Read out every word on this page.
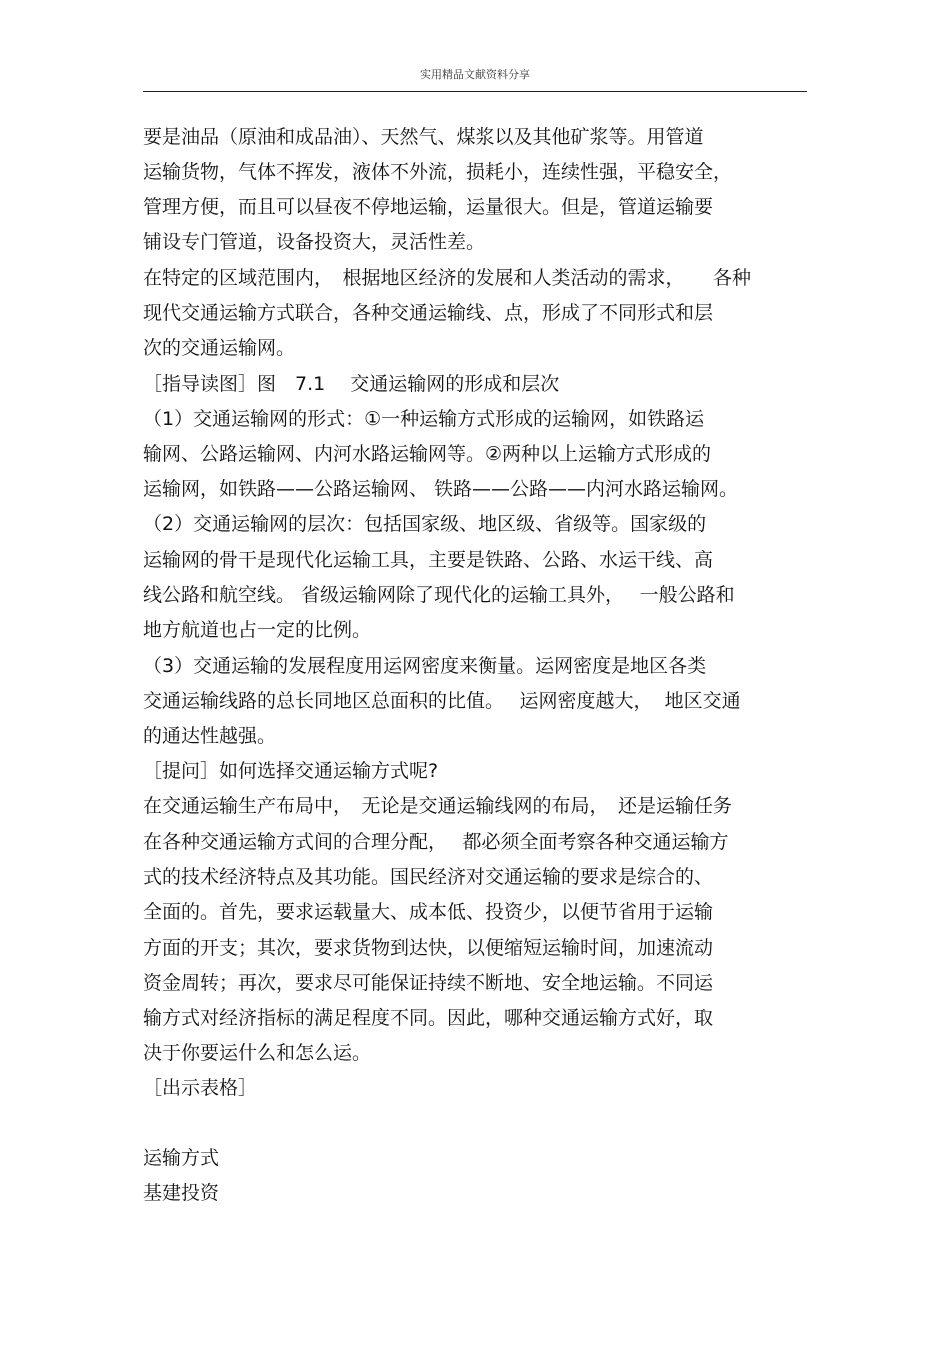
实用精品文献资料分享
要是油品（原油和成品油）、天然气、煤浆以及其他矿浆等。用管道
运输货物，气体不挥发，液体不外流，损耗小，连续性强，平稳安全，
管理方便，而且可以昼夜不停地运输，运量很大。但是，管道运输要
铺设专门管道，设备投资大，灵活性差。
在特定的区域范围内，　根据地区经济的发展和人类活动的需求，　　各种
现代交通运输方式联合，各种交通运输线、点，形成了不同形式和层
次的交通运输网。
［指导读图］图　7.1　 交通运输网的形成和层次
（1）交通运输网的形式：①一种运输方式形成的运输网，如铁路运
输网、公路运输网、内河水路运输网等。②两种以上运输方式形成的
运输网，如铁路——公路运输网、 铁路——公路——内河水路运输网。
（2）交通运输网的层次：包括国家级、地区级、省级等。国家级的
运输网的骨干是现代化运输工具，主要是铁路、公路、水运干线、高
线公路和航空线。 省级运输网除了现代化的运输工具外，　 一般公路和
地方航道也占一定的比例。
（3）交通运输的发展程度用运网密度来衡量。运网密度是地区各类
交通运输线路的总长同地区总面积的比值。　 运网密度越大，  地区交通
的通达性越强。
［提问］如何选择交通运输方式呢?
在交通运输生产布局中，　无论是交通运输线网的布局，　还是运输任务
在各种交通运输方式间的合理分配，　 都必须全面考察各种交通运输方
式的技术经济特点及其功能。国民经济对交通运输的要求是综合的、
全面的。首先，要求运载量大、成本低、投资少，以便节省用于运输
方面的开支；其次，要求货物到达快，以便缩短运输时间，加速流动
资金周转；再次，要求尽可能保证持续不断地、安全地运输。不同运
输方式对经济指标的满足程度不同。因此，哪种交通运输方式好，取
决于你要运什么和怎么运。
［出示表格］
运输方式
基建投资
